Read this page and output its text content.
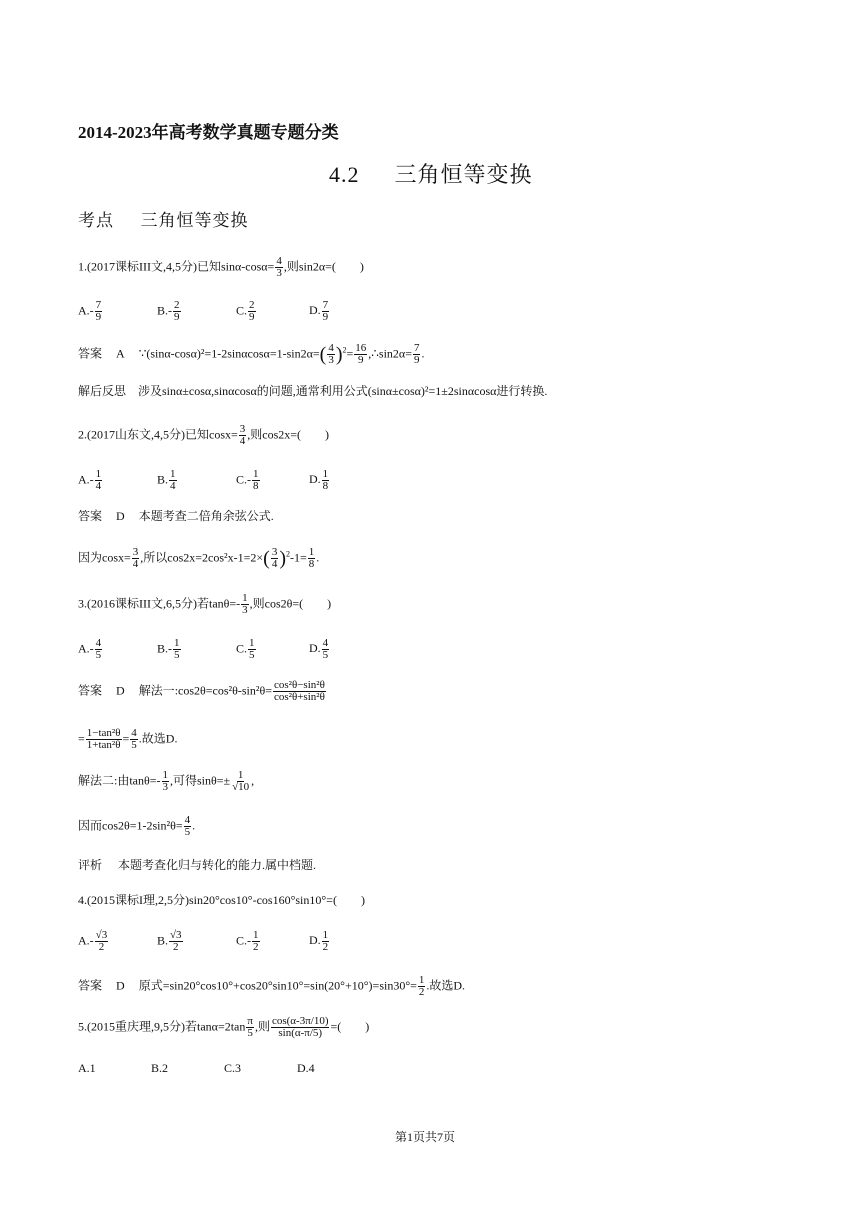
2014-2023年高考数学真题专题分类
4.2 三角恒等变换
考点 三角恒等变换
1.(2017课标III文,4,5分)已知$\sin\alpha-\cos\alpha= \frac{4}{3}$ ,则sin2α=(　　)
$A.- \frac{7}{9}$	$B.- \frac{2}{9}$	C. $\frac{2}{9}$	D. $\frac{7}{9}$
答案 A ∵(sinα-cosα)²=1-2sinαcosα=1-sin2α=( $\frac{4}{3} )^2= \frac{16}{9}$ ,∴sin2α= $\frac{7}{9}$ .
解后反思 涉及sinα±cosα,sinαcosα的问题,通常利用公式(sinα±cosα)²=1±2sinαcosα进行转换.
2.(2017山东文,4,5分)已知$\cos x= \frac{3}{4}$ ,则cos2x=(　　)
$A.- \frac{1}{4}$	B. $\frac{1}{4}$	$C.- \frac{1}{8}$	D. $\frac{1}{8}$
答案 D 本题考查二倍角余弦公式.
因为$\cos x= \frac{3}{4}$ ,所以$\cos 2x=2\cos^2x-1=2\times( \frac{3}{4} )^2-1= \frac{1}{8}$ .
3.(2016课标III文,6,5分)若$\tan\theta=- \frac{1}{3}$ ,则cos2θ=(　　)
$A.- \frac{4}{5}$	$B.- \frac{1}{5}$	C. $\frac{1}{5}$	D. $\frac{4}{5}$
答案 D 解法一:cos2θ=cos²θ-sin²θ= $\frac{\text{cos²θ−sin²θ}}{\text{cos²θ+sin²θ}}$
= $\frac{\text{1−tan²θ}}{\text{1+tan²θ}} = \frac{4}{5}$ .故选D.
解法二:由$\tan\theta=- \frac{1}{3}$ ,可得$\sin\theta=\pm \frac{1}{√10}$ ,
因而$\cos 2\theta=1-2\sin^2\theta= \frac{4}{5}$ .
评析 本题考查化归与转化的能力.属中档题.
4.(2015课标I理,2,5分)sin20°cos10°-cos160°sin10°=(　　)
$A.- \frac{√3}{2}$	B. $\frac{√3}{2}$	$C.- \frac{1}{2}$	D. $\frac{1}{2}$
答案 D 原式$=\sin 20^\circ\cos 10^\circ+\cos 20^\circ\sin 10^\circ=\sin(20^\circ+10^\circ)=\sin 30^\circ= \frac{1}{2}$ .故选D.
5.(2015重庆理,9,5分)若$\tan\alpha=2\tan \frac{\pi}{5}$ ,则 $\frac{\cos(\alpha-3\pi/10)}{\sin(\alpha-\pi/5)}$ =(　　)
A.1	B.2	C.3	D.4
第1页共7页
